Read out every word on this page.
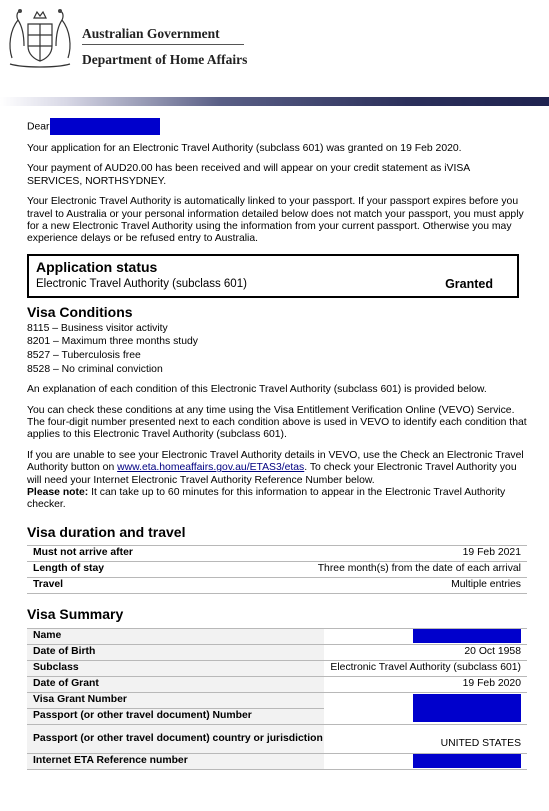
Australian Government
Department of Home Affairs

Dear

Your application for an Electronic Travel Authority (subclass 601) was granted on 19 Feb 2020.

Your payment of AUD20.00 has been received and will appear on your credit statement as iVISA SERVICES, NORTHSYDNEY.

Your Electronic Travel Authority is automatically linked to your passport. If your passport expires before you travel to Australia or your personal information detailed below does not match your passport, you must apply for a new Electronic Travel Authority using the information from your current passport. Otherwise you may experience delays or be refused entry to Australia.

Application status
Electronic Travel Authority (subclass 601)	Granted
Visa Conditions

8115 – Business visitor activity

8201 – Maximum three months study

8527 – Tuberculosis free

8528 – No criminal conviction

An explanation of each condition of this Electronic Travel Authority (subclass 601) is provided below.

You can check these conditions at any time using the Visa Entitlement Verification Online (VEVO) Service. The four-digit number presented next to each condition above is used in VEVO to identify each condition that applies to this Electronic Travel Authority (subclass 601).

If you are unable to see your Electronic Travel Authority details in VEVO, use the Check an Electronic Travel Authority button on www.eta.homeaffairs.gov.au/ETAS3/etas. To check your Electronic Travel Authority you will need your Internet Electronic Travel Authority Reference Number below.
Please note: It can take up to 60 minutes for this information to appear in the Electronic Travel Authority checker.

Visa duration and travel
Must not arrive after	19 Feb 2021
Length of stay	Three month(s) from the date of each arrival
Travel	Multiple entries
Visa Summary
Name	
Date of Birth	20 Oct 1958
Subclass	Electronic Travel Authority (subclass 601)
Date of Grant	19 Feb 2020
Visa Grant Number	
Passport (or other travel document) Number	
Passport (or other travel document) country or jurisdiction	UNITED STATES
Internet ETA Reference number	
